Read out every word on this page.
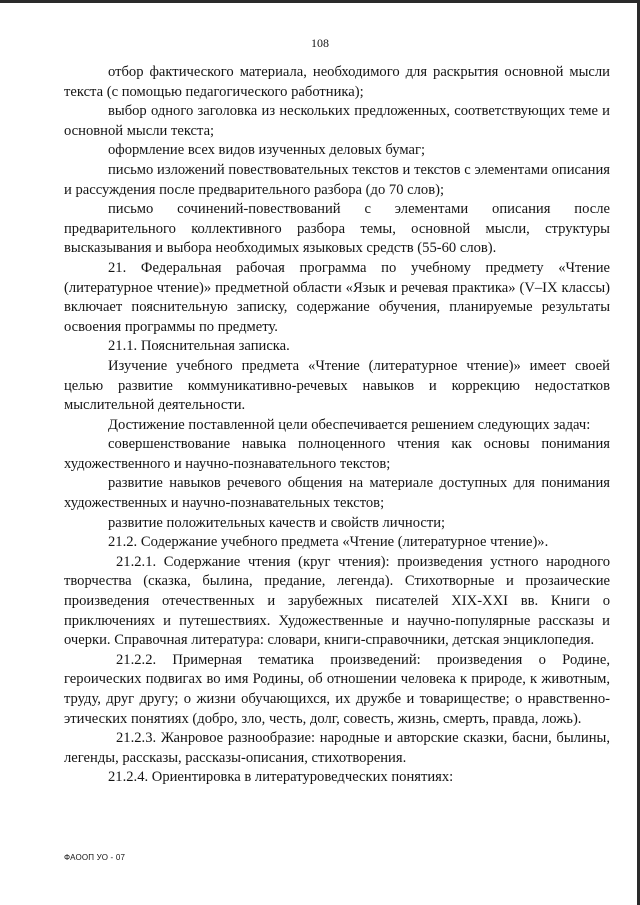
108

отбор фактического материала, необходимого для раскрытия основной мысли текста (с помощью педагогического работника);

выбор одного заголовка из нескольких предложенных, соответствующих теме и основной мысли текста;

оформление всех видов изученных деловых бумаг;

письмо изложений повествовательных текстов и текстов с элементами описания и рассуждения после предварительного разбора (до 70 слов);

письмо сочинений-повествований с элементами описания после предварительного коллективного разбора темы, основной мысли, структуры высказывания и выбора необходимых языковых средств (55-60 слов).

21. Федеральная рабочая программа по учебному предмету «Чтение (литературное чтение)» предметной области «Язык и речевая практика» (V–IX классы) включает пояснительную записку, содержание обучения, планируемые результаты освоения программы по предмету.

21.1. Пояснительная записка.

Изучение учебного предмета «Чтение (литературное чтение)» имеет своей целью развитие коммуникативно-речевых навыков и коррекцию недостатков мыслительной деятельности.

Достижение поставленной цели обеспечивается решением следующих задач:

совершенствование навыка полноценного чтения как основы понимания художественного и научно-познавательного текстов;

развитие навыков речевого общения на материале доступных для понимания художественных и научно-познавательных текстов;

развитие положительных качеств и свойств личности;

21.2. Содержание учебного предмета «Чтение (литературное чтение)».

21.2.1. Содержание чтения (круг чтения): произведения устного народного творчества (сказка, былина, предание, легенда). Стихотворные и прозаические произведения отечественных и зарубежных писателей XIX-XXI вв. Книги о приключениях и путешествиях. Художественные и научно-популярные рассказы и очерки. Справочная литература: словари, книги-справочники, детская энциклопедия.

21.2.2. Примерная тематика произведений: произведения о Родине, героических подвигах во имя Родины, об отношении человека к природе, к животным, труду, друг другу; о жизни обучающихся, их дружбе и товариществе; о нравственно-этических понятиях (добро, зло, честь, долг, совесть, жизнь, смерть, правда, ложь).

21.2.3. Жанровое разнообразие: народные и авторские сказки, басни, былины, легенды, рассказы, рассказы-описания, стихотворения.

21.2.4. Ориентировка в литературоведческих понятиях:

ФАООП УО - 07
